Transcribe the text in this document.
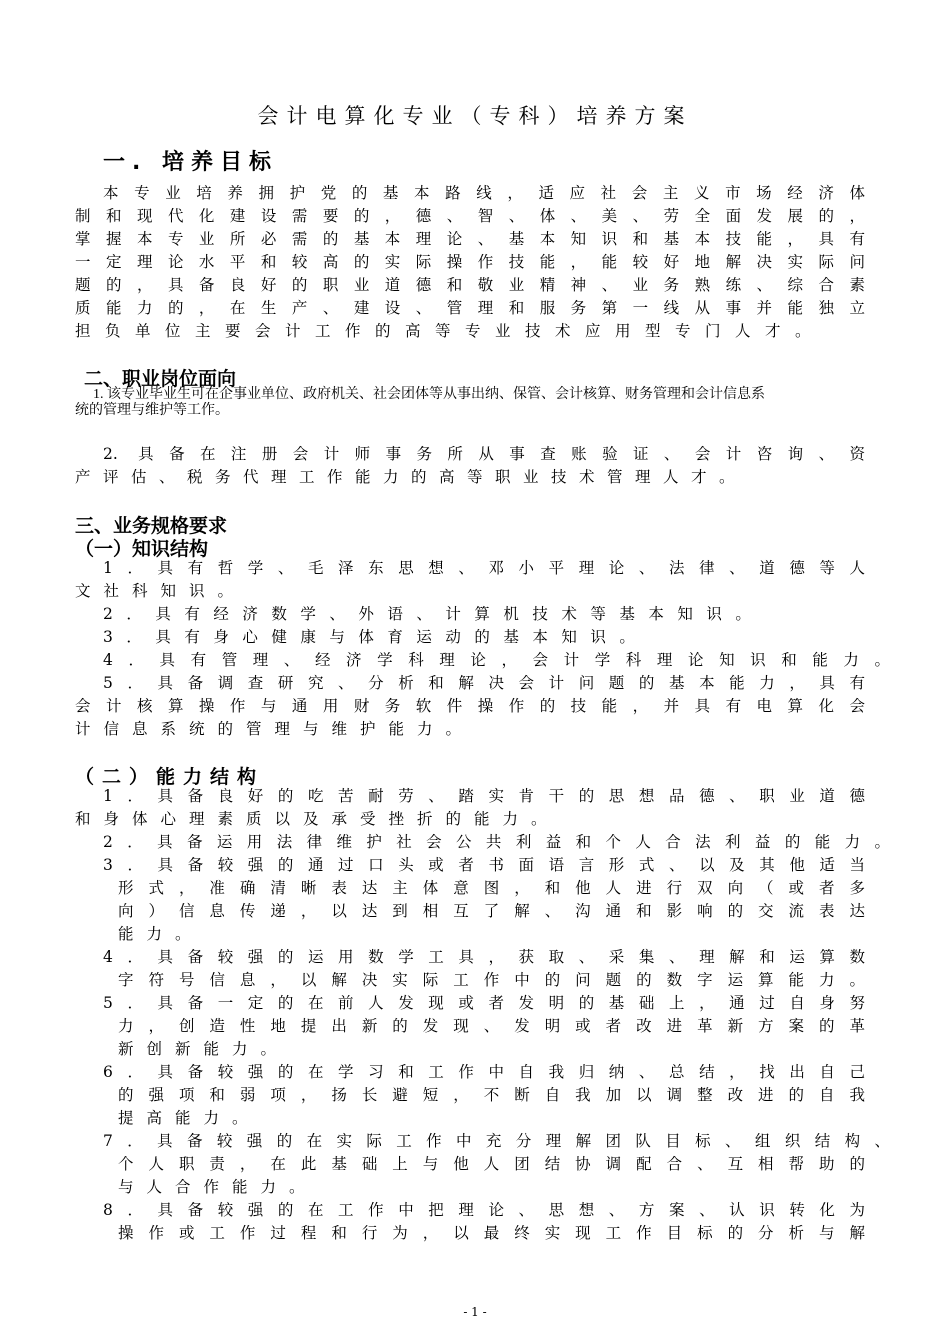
会计电算化专业（专科）培养方案
一. 培养目标
本专业培养拥护党的基本路线，适应社会主义市场经济体
制和现代化建设需要的，德、智、体、美、劳全面发展的，
掌握本专业所必需的基本理论、基本知识和基本技能，具有
一定理论水平和较高的实际操作技能，能较好地解决实际问
题的，具备良好的职业道德和敬业精神、业务熟练、综合素
质能力的，在生产、建设、管理和服务第一线从事并能独立
担负单位主要会计工作的高等专业技术应用型专门人才。
二、职业岗位面向
1. 该专业毕业生可在企事业单位、政府机关、社会团体等从事出纳、保管、会计核算、财务管理和会计信息系
统的管理与维护等工作。
2. 具备在注册会计师事务所从事查账验证、会计咨询、资
产评估、税务代理工作能力的高等职业技术管理人才。
三、业务规格要求
（一）知识结构
1．具有哲学、毛泽东思想、邓小平理论、法律、道德等人
文社科知识。
2．具有经济数学、外语、计算机技术等基本知识。
3．具有身心健康与体育运动的基本知识。
4．具有管理、经济学科理论，会计学科理论知识和能力。
5．具备调查研究、分析和解决会计问题的基本能力，具有
会计核算操作与通用财务软件操作的技能，并具有电算化会
计信息系统的管理与维护能力。
（二）能力结构
1．具备良好的吃苦耐劳、踏实肯干的思想品德、职业道德
和身体心理素质以及承受挫折的能力。
2．具备运用法律维护社会公共利益和个人合法利益的能力。
3．具备较强的通过口头或者书面语言形式、以及其他适当
形式，准确清晰表达主体意图，和他人进行双向（或者多
向）信息传递，以达到相互了解、沟通和影响的交流表达
能力。
4．具备较强的运用数学工具，获取、采集、理解和运算数
字符号信息，以解决实际工作中的问题的数字运算能力。
5．具备一定的在前人发现或者发明的基础上，通过自身努
力，创造性地提出新的发现、发明或者改进革新方案的革
新创新能力。
6．具备较强的在学习和工作中自我归纳、总结，找出自己
的强项和弱项，扬长避短，不断自我加以调整改进的自我
提高能力。
7．具备较强的在实际工作中充分理解团队目标、组织结构、
个人职责，在此基础上与他人团结协调配合、互相帮助的
与人合作能力。
8．具备较强的在工作中把理论、思想、方案、认识转化为
操作或工作过程和行为，以最终实现工作目标的分析与解
- 1 -
